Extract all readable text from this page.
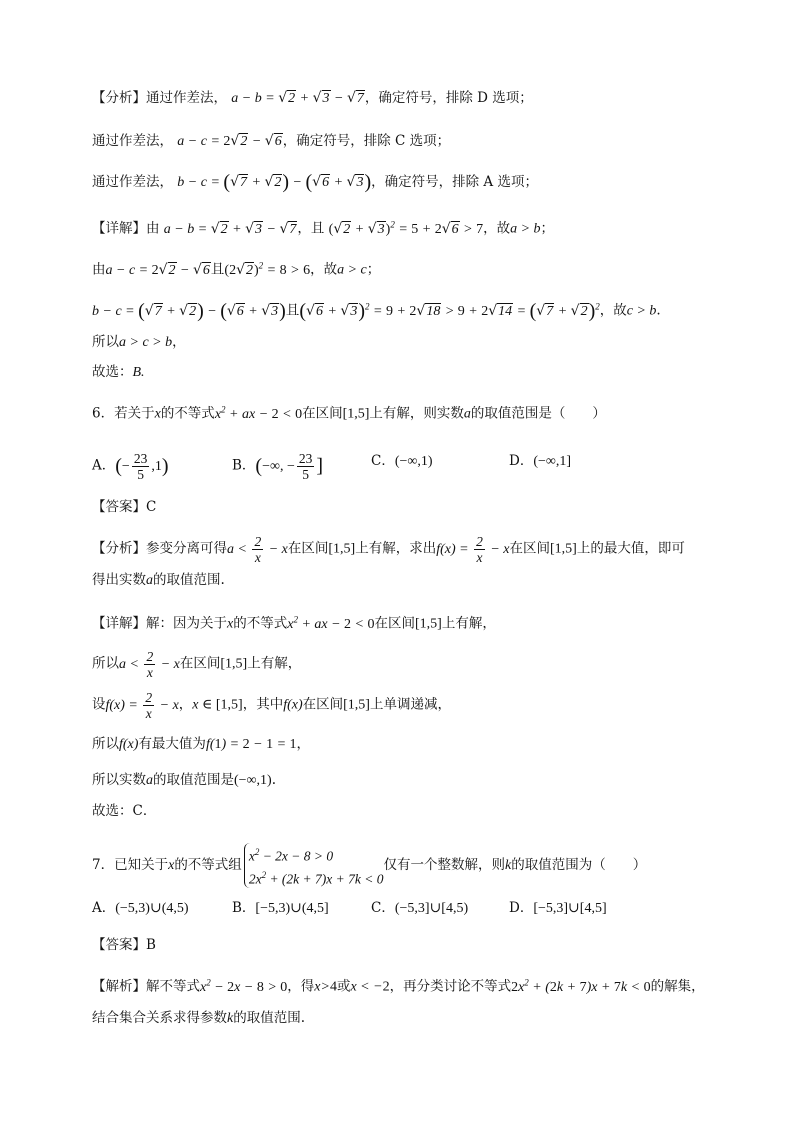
【分析】通过作差法， a − b = √2 + √3 − √7，确定符号，排除 D 选项；
通过作差法， a − c = 2√2 − √6，确定符号，排除 C 选项；
通过作差法， b − c = (√7 + √2) − (√6 + √3)，确定符号，排除 A 选项；
【详解】由 a − b = √2 + √3 − √7，且 $(√2 + √3)^2 = 5 + 2√6 > 7$，故a > b；
由a − c = 2√2 − √6且$(2√2)^2 = 8 > 6$，故a > c；
b − c = (√7 + √2) − (√6 + √3)且$(√6 + √3)^2 = 9 + 2√18 > 9 + 2√14 = (√7 + √2)^2$，故c > b.
所以a > c > b，
故选：B.
6．若关于x的不等式$x^2$ + ax − 2 < 0在区间[1,5]上有解，则实数a的取值范围是（　　）
A．(− $\frac{23}{5} ,1$)	B．(−∞, − $\frac{23}{5}$ ]	C．(−∞,1)	D．(−∞,1]
【答案】C
【分析】参变分离可得$a < \frac{2}{x} - x$在区间[1,5]上有解，求出$f(x) = \frac{2}{x} - x$在区间[1,5]上的最大值，即可
得出实数a的取值范围.
【详解】解：因为关于x的不等式$x^2$ + ax − 2 < 0在区间[1,5]上有解，
所以$a < \frac{2}{x} - x$在区间[1,5]上有解，
设$f(x) = \frac{2}{x} - x$，x ∈ [1,5]，其中f(x)在区间[1,5]上单调递减，
所以f(x)有最大值为f(1) = 2 − 1 = 1，
所以实数a的取值范围是(−∞,1).
故选：C．
7．已知关于x的不等式组
$x^2 - 2x - 8 > 0$
$2x^2 + (2k + 7)x + 7k < 0$
仅有一个整数解，则k的取值范围为（　　）
A．(−5,3)∪(4,5)	B．[−5,3)∪(4,5]	C．(−5,3]∪[4,5)	D．[−5,3]∪[4,5]
【答案】B
【解析】解不等式$x^2 - 2x - 8 > 0$，得x>4或x < −2，再分类讨论不等式$2x^2 + (2k + 7)x + 7k < 0$的解集，
结合集合关系求得参数k的取值范围.
